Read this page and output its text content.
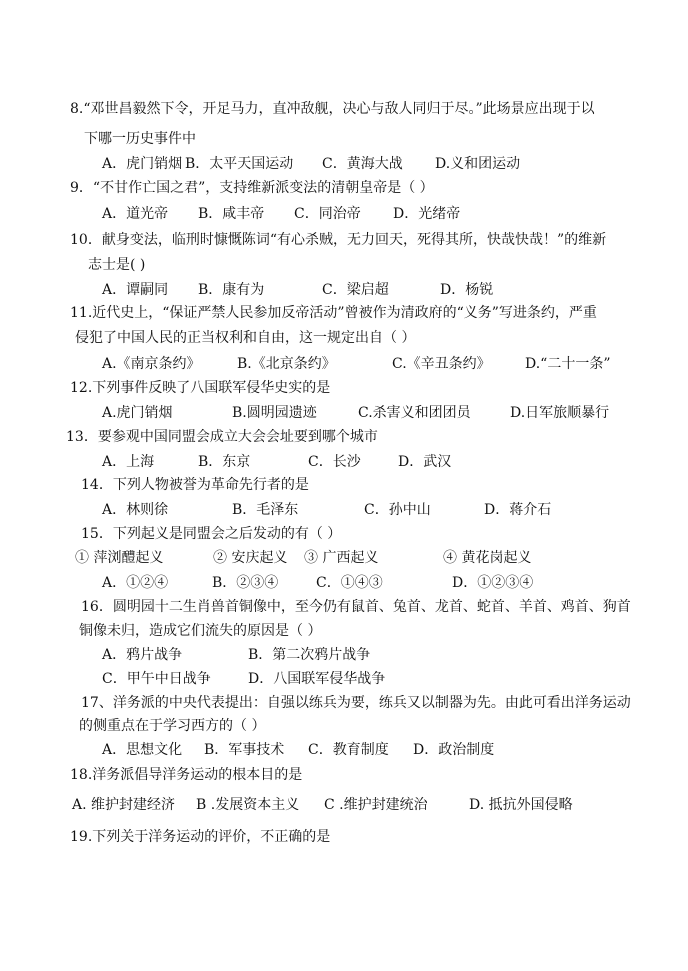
8.“邓世昌毅然下令，开足马力，直冲敌舰，决心与敌人同归于尽。”此场景应出现于以
下哪一历史事件中
A．虎门销烟 B．太平天国运动 C．黄海大战 D.义和团运动
9．“不甘作亡国之君”，支持维新派变法的清朝皇帝是（ ）
A．道光帝 B．咸丰帝 C．同治帝 D．光绪帝
10．献身变法，临刑时慷慨陈词“有心杀贼，无力回天，死得其所，快哉快哉！”的维新
志士是( )
A．谭嗣同 B．康有为	C．梁启超	D．杨锐
11.近代史上，“保证严禁人民参加反帝活动”曾被作为清政府的“义务”写进条约，严重
侵犯了中国人民的正当权利和自由，这一规定出自（ ）
A.《南京条约》	B.《北京条约》	C.《辛丑条约》 D.“二十一条”
12.下列事件反映了八国联军侵华史实的是
A.虎门销烟	B.圆明园遗迹	C.杀害义和团团员	D.日军旅顺暴行
13．要参观中国同盟会成立大会会址要到哪个城市
A．上海	B．东京	C．长沙	D．武汉
14．下列人物被誉为革命先行者的是
A．林则徐	B．毛泽东	C．孙中山	D．蒋介石
15．下列起义是同盟会之后发动的有（ ）
① 萍浏醴起义	② 安庆起义 ③ 广西起义	④ 黄花岗起义
A．①②④	B．②③④	C．①④③	D．①②③④
16．圆明园十二生肖兽首铜像中，至今仍有鼠首、兔首、龙首、蛇首、羊首、鸡首、狗首
铜像未归，造成它们流失的原因是（ ）
A．鸦片战争	B．第二次鸦片战争
C．甲午中日战争	D．八国联军侵华战争
17、洋务派的中央代表提出：自强以练兵为要，练兵又以制器为先。由此可看出洋务运动
的侧重点在于学习西方的（ ）
A．思想文化 B．军事技术 C．教育制度 D．政治制度
18.洋务派倡导洋务运动的根本目的是
A. 维护封建经济 B .发展资本主义 C .维护封建统治	D. 抵抗外国侵略
19.下列关于洋务运动的评价，不正确的是
